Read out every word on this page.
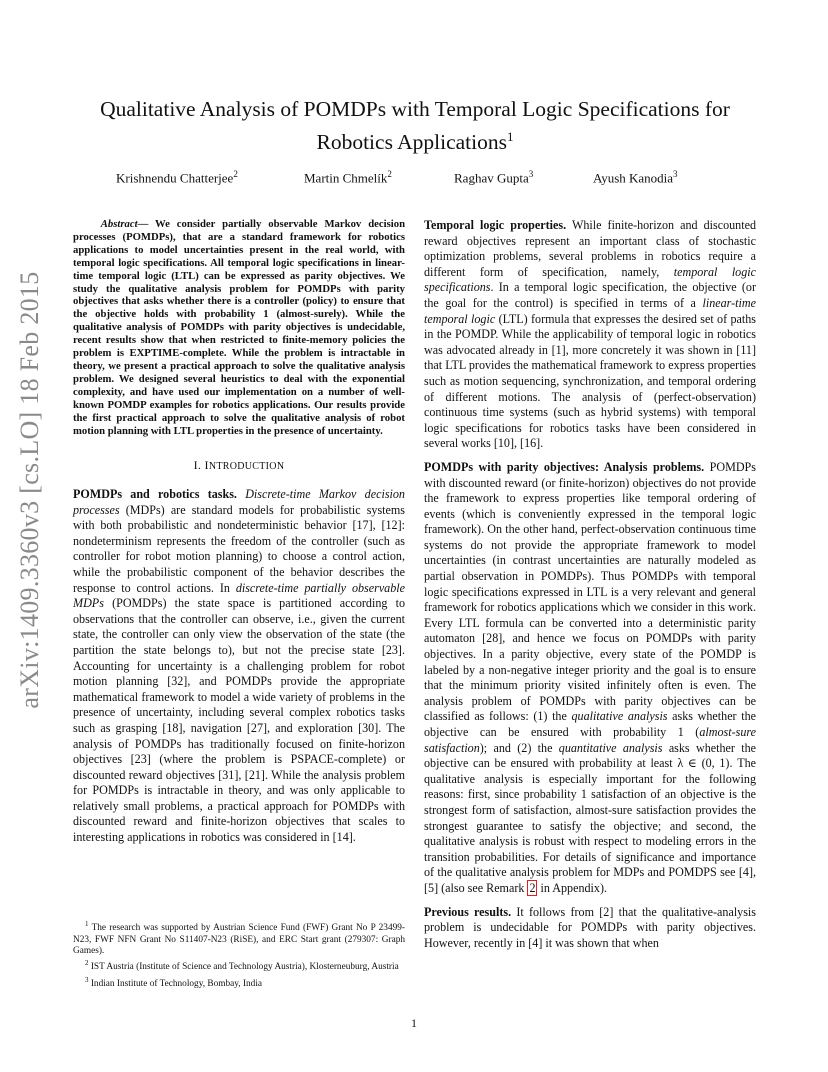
arXiv:1409.3360v3 [cs.LO] 18 Feb 2015
Qualitative Analysis of POMDPs with Temporal Logic Specifications for
Robotics Applications$^1$
Krishnendu Chatterjee$^2$	Martin Chmelík$^2$	Raghav Gupta$^3$	Ayush Kanodia$^3$

Abstract— We consider partially observable Markov decision processes (POMDPs), that are a standard framework for robotics applications to model uncertainties present in the real world, with temporal logic specifications. All temporal logic specifications in linear-time temporal logic (LTL) can be expressed as parity objectives. We study the qualitative analysis problem for POMDPs with parity objectives that asks whether there is a controller (policy) to ensure that the objective holds with probability 1 (almost-surely). While the qualitative analysis of POMDPs with parity objectives is undecidable, recent results show that when restricted to finite-memory policies the problem is EXPTIME-complete. While the problem is intractable in theory, we present a practical approach to solve the qualitative analysis problem. We designed several heuristics to deal with the exponential complexity, and have used our implementation on a number of well-known POMDP examples for robotics applications. Our results provide the first practical approach to solve the qualitative analysis of robot motion planning with LTL properties in the presence of uncertainty.

I. INTRODUCTION

POMDPs and robotics tasks. Discrete-time Markov decision processes (MDPs) are standard models for probabilistic systems with both probabilistic and nondeterministic behavior [17], [12]: nondeterminism represents the freedom of the controller (such as controller for robot motion planning) to choose a control action, while the probabilistic component of the behavior describes the response to control actions. In discrete-time partially observable MDPs (POMDPs) the state space is partitioned according to observations that the controller can observe, i.e., given the current state, the controller can only view the observation of the state (the partition the state belongs to), but not the precise state [23]. Accounting for uncertainty is a challenging problem for robot motion planning [32], and POMDPs provide the appropriate mathematical framework to model a wide variety of problems in the presence of uncertainty, including several complex robotics tasks such as grasping [18], navigation [27], and exploration [30]. The analysis of POMDPs has traditionally focused on finite-horizon objectives [23] (where the problem is PSPACE-complete) or discounted reward objectives [31], [21]. While the analysis problem for POMDPs is intractable in theory, and was only applicable to relatively small problems, a practical approach for POMDPs with discounted reward and finite-horizon objectives that scales to interesting applications in robotics was considered in [14].

$^1$ The research was supported by Austrian Science Fund (FWF) Grant No P 23499-N23, FWF NFN Grant No S11407-N23 (RiSE), and ERC Start grant (279307: Graph Games).

$^2$ IST Austria (Institute of Science and Technology Austria), Klosterneuburg, Austria

$^3$ Indian Institute of Technology, Bombay, India

Temporal logic properties. While finite-horizon and discounted reward objectives represent an important class of stochastic optimization problems, several problems in robotics require a different form of specification, namely, temporal logic specifications. In a temporal logic specification, the objective (or the goal for the control) is specified in terms of a linear-time temporal logic (LTL) formula that expresses the desired set of paths in the POMDP. While the applicability of temporal logic in robotics was advocated already in [1], more concretely it was shown in [11] that LTL provides the mathematical framework to express properties such as motion sequencing, synchronization, and temporal ordering of different motions. The analysis of (perfect-observation) continuous time systems (such as hybrid systems) with temporal logic specifications for robotics tasks have been considered in several works [10], [16].

POMDPs with parity objectives: Analysis problems. POMDPs with discounted reward (or finite-horizon) objectives do not provide the framework to express properties like temporal ordering of events (which is conveniently expressed in the temporal logic framework). On the other hand, perfect-observation continuous time systems do not provide the appropriate framework to model uncertainties (in contrast uncertainties are naturally modeled as partial observation in POMDPs). Thus POMDPs with temporal logic specifications expressed in LTL is a very relevant and general framework for robotics applications which we consider in this work. Every LTL formula can be converted into a deterministic parity automaton [28], and hence we focus on POMDPs with parity objectives. In a parity objective, every state of the POMDP is labeled by a non-negative integer priority and the goal is to ensure that the minimum priority visited infinitely often is even. The analysis problem of POMDPs with parity objectives can be classified as follows: (1) the qualitative analysis asks whether the objective can be ensured with probability 1 (almost-sure satisfaction); and (2) the quantitative analysis asks whether the objective can be ensured with probability at least λ ∈ (0, 1). The qualitative analysis is especially important for the following reasons: first, since probability 1 satisfaction of an objective is the strongest form of satisfaction, almost-sure satisfaction provides the strongest guarantee to satisfy the objective; and second, the qualitative analysis is robust with respect to modeling errors in the transition probabilities. For details of significance and importance of the qualitative analysis problem for MDPs and POMDPS see [4], [5] (also see Remark 2 in Appendix).

Previous results. It follows from [2] that the qualitative-analysis problem is undecidable for POMDPs with parity objectives. However, recently in [4] it was shown that when

1
